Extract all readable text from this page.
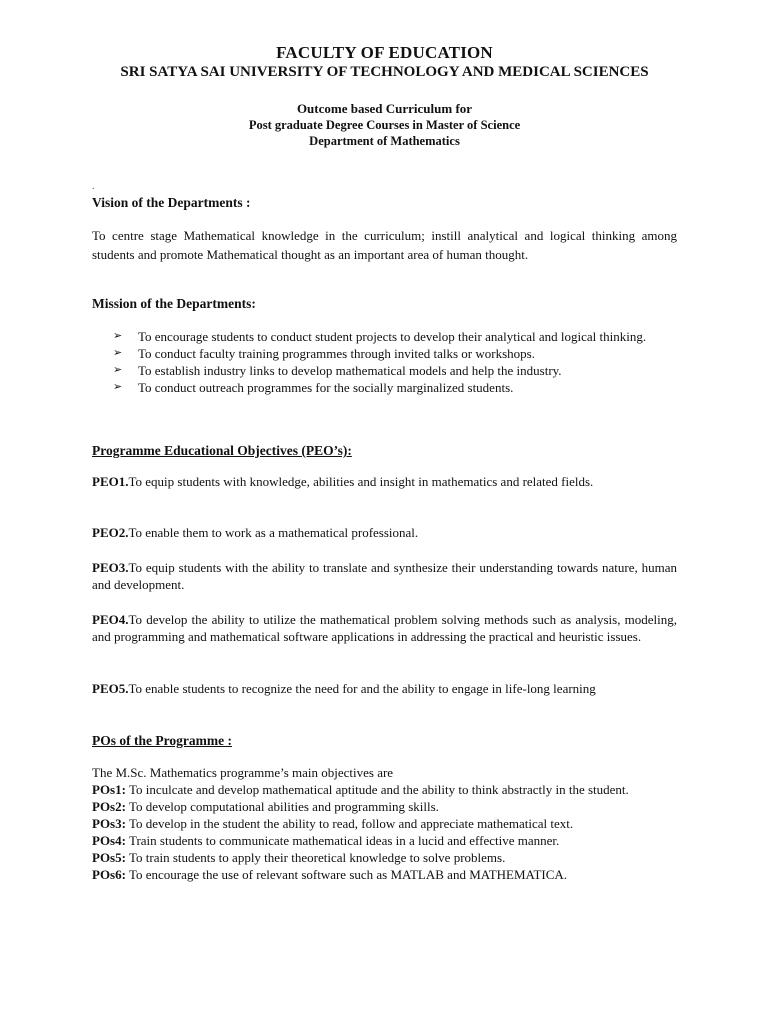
FACULTY OF EDUCATION
SRI SATYA SAI UNIVERSITY OF TECHNOLOGY AND MEDICAL SCIENCES
Outcome based Curriculum for
Post graduate Degree Courses in Master of Science
Department of Mathematics
.
Vision of the Departments :
To centre stage Mathematical knowledge in the curriculum; instill analytical and logical thinking among students and promote Mathematical thought as an important area of human thought.
Mission of the Departments:
➢ To encourage students to conduct student projects to develop their analytical and logical thinking.
➢ To conduct faculty training programmes through invited talks or workshops.
➢ To establish industry links to develop mathematical models and help the industry.
➢ To conduct outreach programmes for the socially marginalized students.
Programme Educational Objectives (PEO’s):
PEO1.To equip students with knowledge, abilities and insight in mathematics and related fields.
PEO2.To enable them to work as a mathematical professional.
PEO3.To equip students with the ability to translate and synthesize their understanding towards nature, human and development.
PEO4.To develop the ability to utilize the mathematical problem solving methods such as analysis, modeling, and programming and mathematical software applications in addressing the practical and heuristic issues.
PEO5.To enable students to recognize the need for and the ability to engage in life-long learning
POs of the Programme :
The M.Sc. Mathematics programme’s main objectives are
POs1: To inculcate and develop mathematical aptitude and the ability to think abstractly in the student.
POs2: To develop computational abilities and programming skills.
POs3: To develop in the student the ability to read, follow and appreciate mathematical text.
POs4: Train students to communicate mathematical ideas in a lucid and effective manner.
POs5: To train students to apply their theoretical knowledge to solve problems.
POs6: To encourage the use of relevant software such as MATLAB and MATHEMATICA.
